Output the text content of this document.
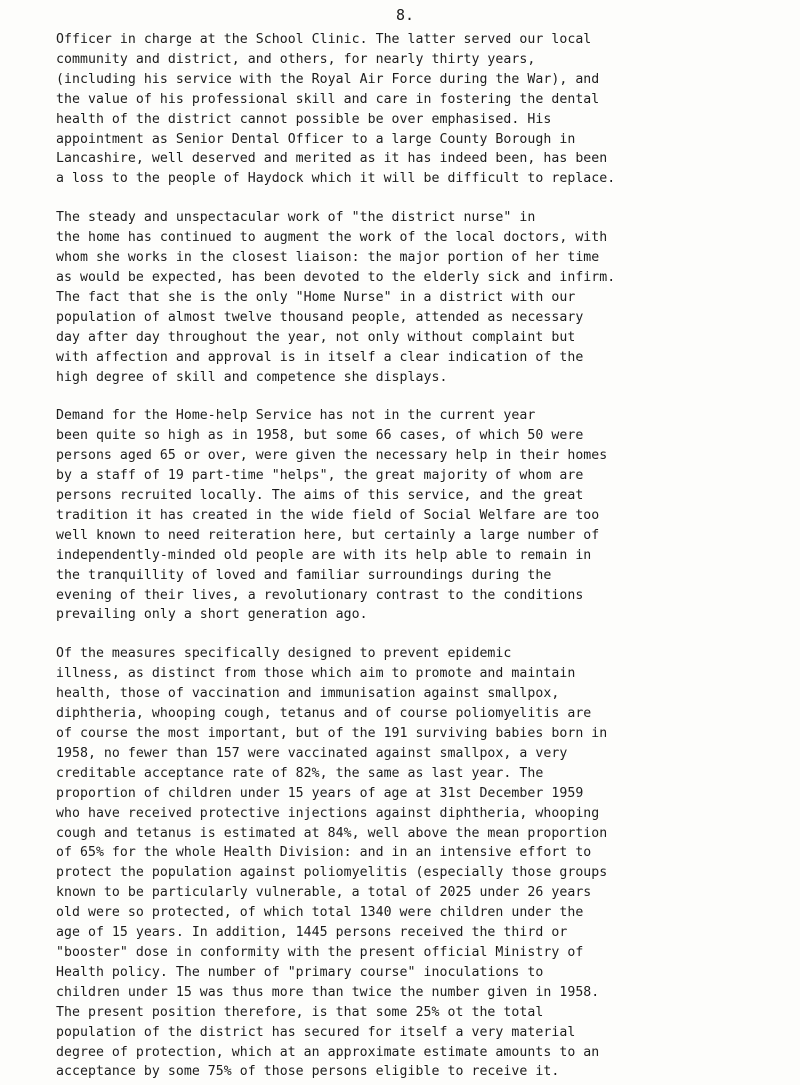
8.

Officer in charge at the School Clinic. The latter served our local
community and district, and others, for nearly thirty years,
(including his service with the Royal Air Force during the War), and
the value of his professional skill and care in fostering the dental
health of the district cannot possible be over emphasised. His
appointment as Senior Dental Officer to a large County Borough in
Lancashire, well deserved and merited as it has indeed been, has been
a loss to the people of Haydock which it will be difficult to replace.

The steady and unspectacular work of "the district nurse" in
the home has continued to augment the work of the local doctors, with
whom she works in the closest liaison: the major portion of her time
as would be expected, has been devoted to the elderly sick and infirm.
The fact that she is the only "Home Nurse" in a district with our
population of almost twelve thousand people, attended as necessary
day after day throughout the year, not only without complaint but
with affection and approval is in itself a clear indication of the
high degree of skill and competence she displays.

Demand for the Home-help Service has not in the current year
been quite so high as in 1958, but some 66 cases, of which 50 were
persons aged 65 or over, were given the necessary help in their homes
by a staff of 19 part-time "helps", the great majority of whom are
persons recruited locally. The aims of this service, and the great
tradition it has created in the wide field of Social Welfare are too
well known to need reiteration here, but certainly a large number of
independently-minded old people are with its help able to remain in
the tranquillity of loved and familiar surroundings during the
evening of their lives, a revolutionary contrast to the conditions
prevailing only a short generation ago.

Of the measures specifically designed to prevent epidemic
illness, as distinct from those which aim to promote and maintain
health, those of vaccination and immunisation against smallpox,
diphtheria, whooping cough, tetanus and of course poliomyelitis are
of course the most important, but of the 191 surviving babies born in
1958, no fewer than 157 were vaccinated against smallpox, a very
creditable acceptance rate of 82%, the same as last year. The
proportion of children under 15 years of age at 31st December 1959
who have received protective injections against diphtheria, whooping
cough and tetanus is estimated at 84%, well above the mean proportion
of 65% for the whole Health Division: and in an intensive effort to
protect the population against poliomyelitis (especially those groups
known to be particularly vulnerable, a total of 2025 under 26 years
old were so protected, of which total 1340 were children under the
age of 15 years. In addition, 1445 persons received the third or
"booster" dose in conformity with the present official Ministry of
Health policy. The number of "primary course" inoculations to
children under 15 was thus more than twice the number given in 1958.
The present position therefore, is that some 25% ot the total
population of the district has secured for itself a very material
degree of protection, which at an approximate estimate amounts to an
acceptance by some 75% of those persons eligible to receive it.
